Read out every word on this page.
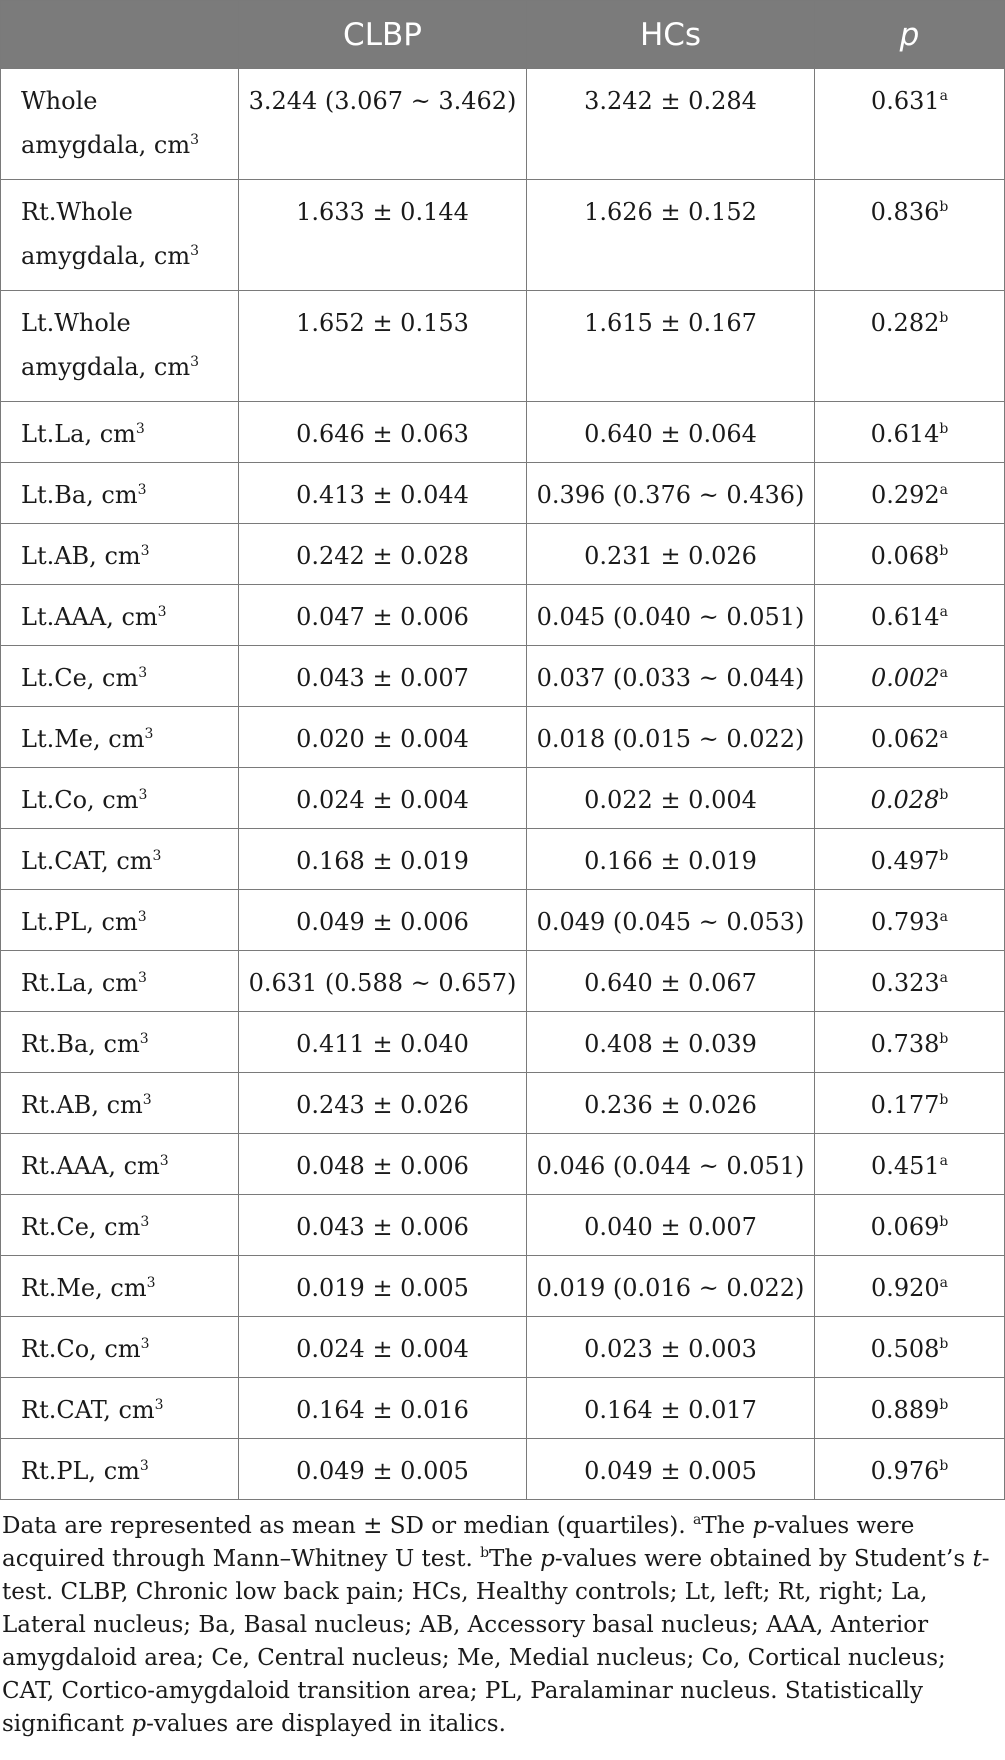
	CLBP	HCs	p
Whole amygdala, $cm^3$	3.244 (3.067 ~ 3.462)	3.242 ± 0.284	0.631$^a$
Rt.Whole amygdala, $cm^3$	1.633 ± 0.144	1.626 ± 0.152	0.836$^b$
Lt.Whole amygdala, $cm^3$	1.652 ± 0.153	1.615 ± 0.167	0.282$^b$
Lt.La, $cm^3$	0.646 ± 0.063	0.640 ± 0.064	0.614$^b$
Lt.Ba, $cm^3$	0.413 ± 0.044	0.396 (0.376 ~ 0.436)	0.292$^a$
Lt.AB, $cm^3$	0.242 ± 0.028	0.231 ± 0.026	0.068$^b$
Lt.AAA, $cm^3$	0.047 ± 0.006	0.045 (0.040 ~ 0.051)	0.614$^a$
Lt.Ce, $cm^3$	0.043 ± 0.007	0.037 (0.033 ~ 0.044)	0.002$^a$
Lt.Me, $cm^3$	0.020 ± 0.004	0.018 (0.015 ~ 0.022)	0.062$^a$
Lt.Co, $cm^3$	0.024 ± 0.004	0.022 ± 0.004	0.028$^b$
Lt.CAT, $cm^3$	0.168 ± 0.019	0.166 ± 0.019	0.497$^b$
Lt.PL, $cm^3$	0.049 ± 0.006	0.049 (0.045 ~ 0.053)	0.793$^a$
Rt.La, $cm^3$	0.631 (0.588 ~ 0.657)	0.640 ± 0.067	0.323$^a$
Rt.Ba, $cm^3$	0.411 ± 0.040	0.408 ± 0.039	0.738$^b$
Rt.AB, $cm^3$	0.243 ± 0.026	0.236 ± 0.026	0.177$^b$
Rt.AAA, $cm^3$	0.048 ± 0.006	0.046 (0.044 ~ 0.051)	0.451$^a$
Rt.Ce, $cm^3$	0.043 ± 0.006	0.040 ± 0.007	0.069$^b$
Rt.Me, $cm^3$	0.019 ± 0.005	0.019 (0.016 ~ 0.022)	0.920$^a$
Rt.Co, $cm^3$	0.024 ± 0.004	0.023 ± 0.003	0.508$^b$
Rt.CAT, $cm^3$	0.164 ± 0.016	0.164 ± 0.017	0.889$^b$
Rt.PL, $cm^3$	0.049 ± 0.005	0.049 ± 0.005	0.976$^b$
Data are represented as mean ± SD or median (quartiles). $^a$The p-values were acquired through Mann–Whitney U test. $^b$The p-values were obtained by Student’s t-test. CLBP, Chronic low back pain; HCs, Healthy controls; Lt, left; Rt, right; La, Lateral nucleus; Ba, Basal nucleus; AB, Accessory basal nucleus; AAA, Anterior amygdaloid area; Ce, Central nucleus; Me, Medial nucleus; Co, Cortical nucleus; CAT, Cortico-amygdaloid transition area; PL, Paralaminar nucleus. Statistically significant p-values are displayed in italics.
